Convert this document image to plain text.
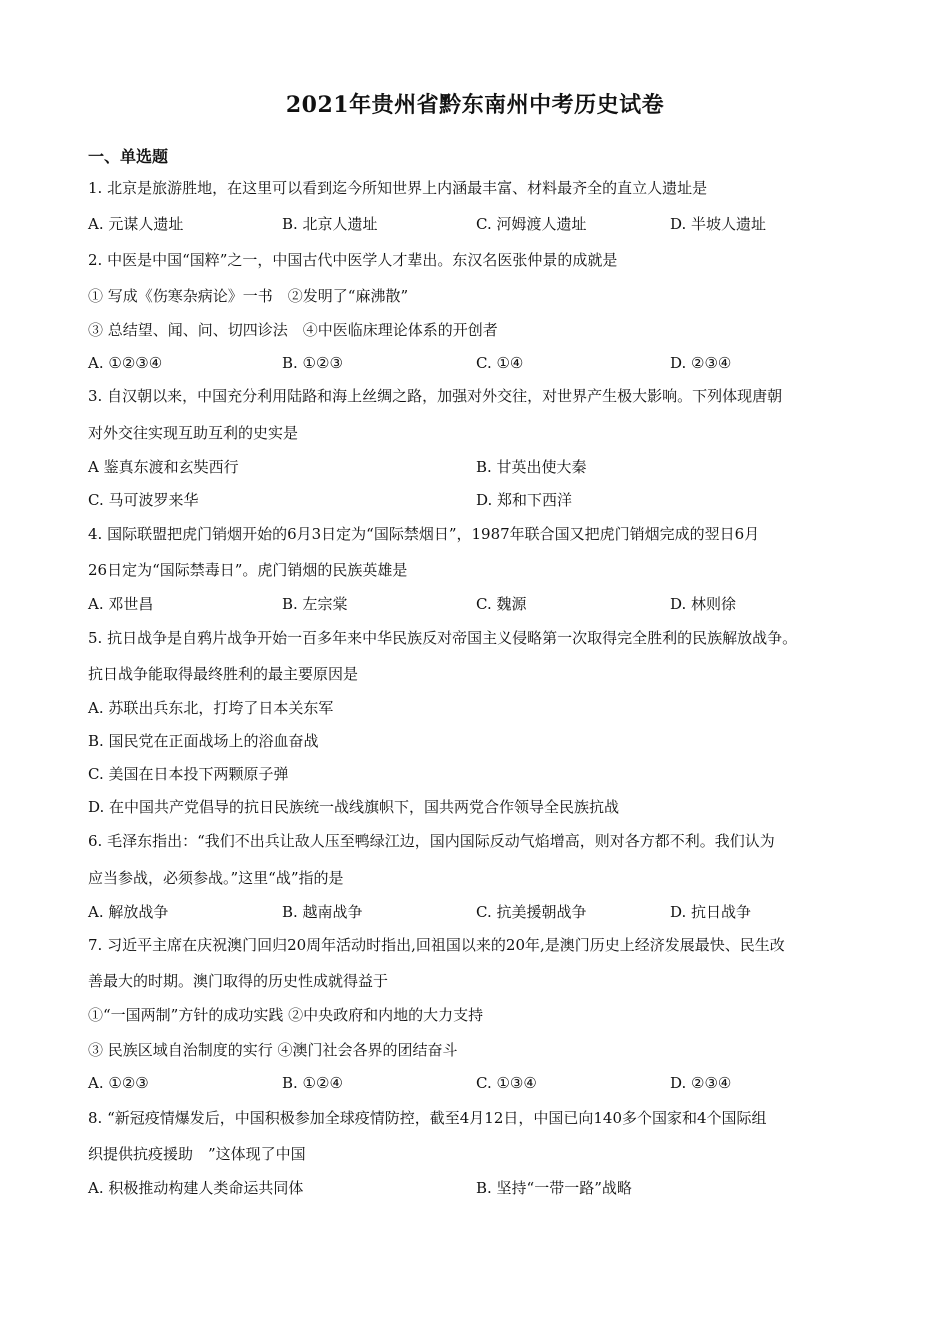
2021年贵州省黔东南州中考历史试卷
一、单选题
1. 北京是旅游胜地，在这里可以看到迄今所知世界上内涵最丰富、材料最齐全的直立人遗址是
A. 元谋人遗址	B. 北京人遗址	C. 河姆渡人遗址	D. 半坡人遗址
2. 中医是中国“国粹”之一，中国古代中医学人才辈出。东汉名医张仲景的成就是
① 写成《伤寒杂病论》一书　②发明了“麻沸散”
③ 总结望、闻、问、切四诊法　④中医临床理论体系的开创者
A. ①②③④	B. ①②③	C. ①④	D. ②③④
3. 自汉朝以来，中国充分利用陆路和海上丝绸之路，加强对外交往，对世界产生极大影响。下列体现唐朝
对外交往实现互助互利的史实是
A 鉴真东渡和玄奘西行	B. 甘英出使大秦
C. 马可波罗来华	D. 郑和下西洋
4. 国际联盟把虎门销烟开始的6月3日定为“国际禁烟日”，1987年联合国又把虎门销烟完成的翌日6月
26日定为“国际禁毒日”。虎门销烟的民族英雄是
A. 邓世昌	B. 左宗棠	C. 魏源	D. 林则徐
5. 抗日战争是自鸦片战争开始一百多年来中华民族反对帝国主义侵略第一次取得完全胜利的民族解放战争。
抗日战争能取得最终胜利的最主要原因是
A. 苏联出兵东北，打垮了日本关东军
B. 国民党在正面战场上的浴血奋战
C. 美国在日本投下两颗原子弹
D. 在中国共产党倡导的抗日民族统一战线旗帜下，国共两党合作领导全民族抗战
6. 毛泽东指出：“我们不出兵让敌人压至鸭绿江边，国内国际反动气焰增高，则对各方都不利。我们认为
应当参战，必须参战。”这里“战”指的是
A. 解放战争	B. 越南战争	C. 抗美援朝战争	D. 抗日战争
7. 习近平主席在庆祝澳门回归20周年活动时指出,回祖国以来的20年,是澳门历史上经济发展最快、民生改
善最大的时期。澳门取得的历史性成就得益于
①“一国两制”方针的成功实践 ②中央政府和内地的大力支持
③ 民族区域自治制度的实行 ④澳门社会各界的团结奋斗
A. ①②③	B. ①②④	C. ①③④	D. ②③④
8. “新冠疫情爆发后，中国积极参加全球疫情防控，截至4月12日，中国已向140多个国家和4个国际组
织提供抗疫援助　”这体现了中国
A. 积极推动构建人类命运共同体	B. 坚持“一带一路”战略
